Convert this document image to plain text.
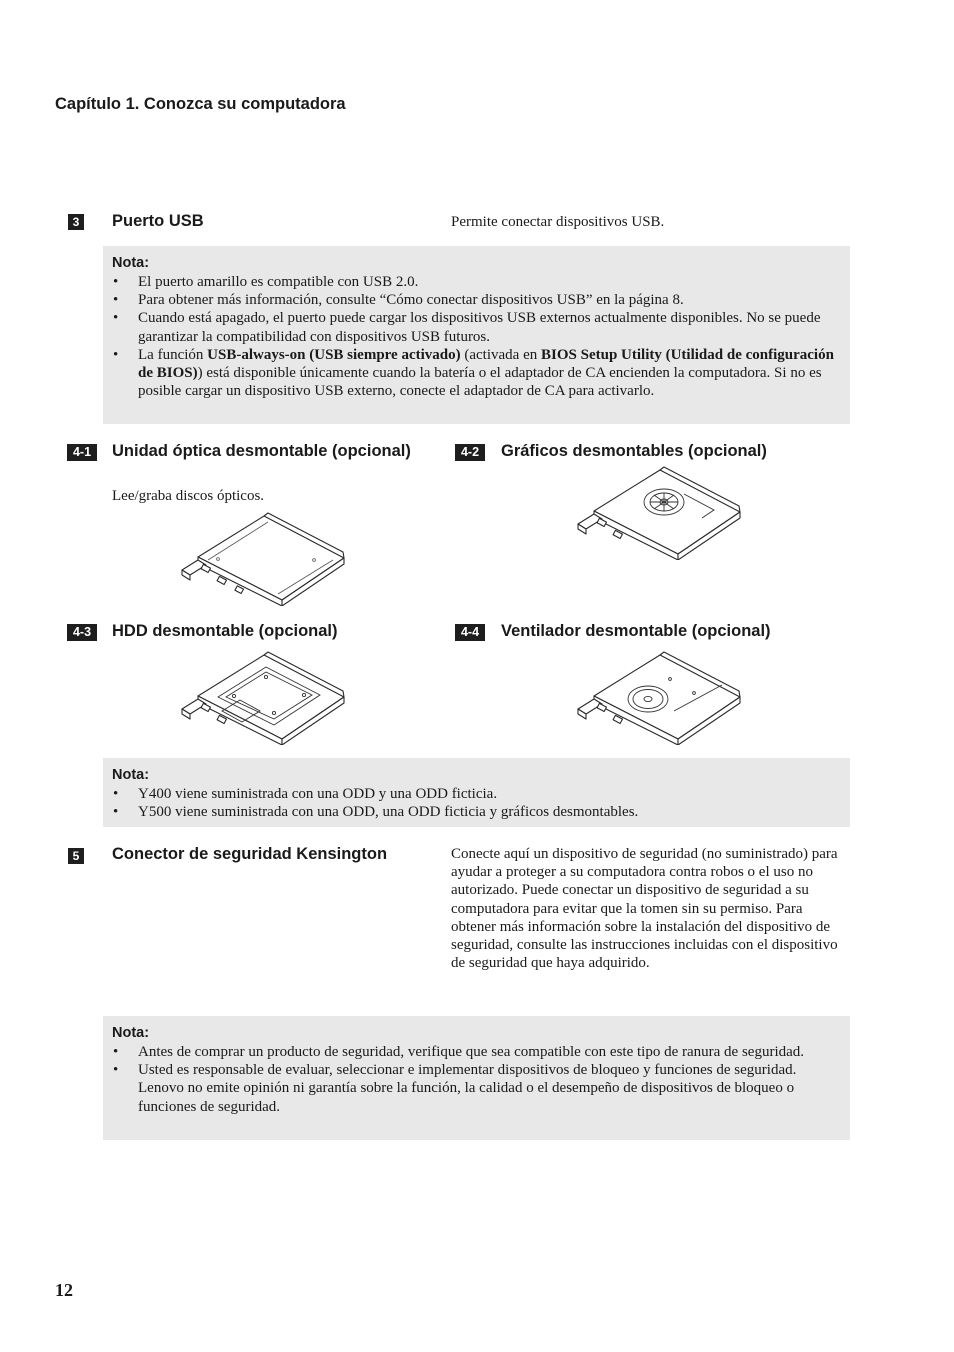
Capítulo 1. Conozca su computadora
3 Puerto USB	Permite conectar dispositivos USB.
Nota:
• El puerto amarillo es compatible con USB 2.0.
• Para obtener más información, consulte “Cómo conectar dispositivos USB” en la página 8.
• Cuando está apagado, el puerto puede cargar los dispositivos USB externos actualmente disponibles. No se puede garantizar la compatibilidad con dispositivos USB futuros.
• La función USB-always-on (USB siempre activado) (activada en BIOS Setup Utility (Utilidad de configuración de BIOS)) está disponible únicamente cuando la batería o el adaptador de CA encienden la computadora. Si no es posible cargar un dispositivo USB externo, conecte el adaptador de CA para activarlo.
4-1	Unidad óptica desmontable (opcional)
Lee/graba discos ópticos.
4-2	Gráficos desmontables (opcional)
4-3	HDD desmontable (opcional)	4-4	Ventilador desmontable (opcional)
Nota:
• Y400 viene suministrada con una ODD y una ODD ficticia.
• Y500 viene suministrada con una ODD, una ODD ficticia y gráficos desmontables.
5 Conector de seguridad Kensington	Conecte aquí un dispositivo de seguridad (no suministrado) para ayudar a proteger a su computadora contra robos o el uso no autorizado. Puede conectar un dispositivo de seguridad a su computadora para evitar que la tomen sin su permiso. Para obtener más información sobre la instalación del dispositivo de seguridad, consulte las instrucciones incluidas con el dispositivo de seguridad que haya adquirido.
Nota:
• Antes de comprar un producto de seguridad, verifique que sea compatible con este tipo de ranura de seguridad.
• Usted es responsable de evaluar, seleccionar e implementar dispositivos de bloqueo y funciones de seguridad. Lenovo no emite opinión ni garantía sobre la función, la calidad o el desempeño de dispositivos de bloqueo o funciones de seguridad.
12
